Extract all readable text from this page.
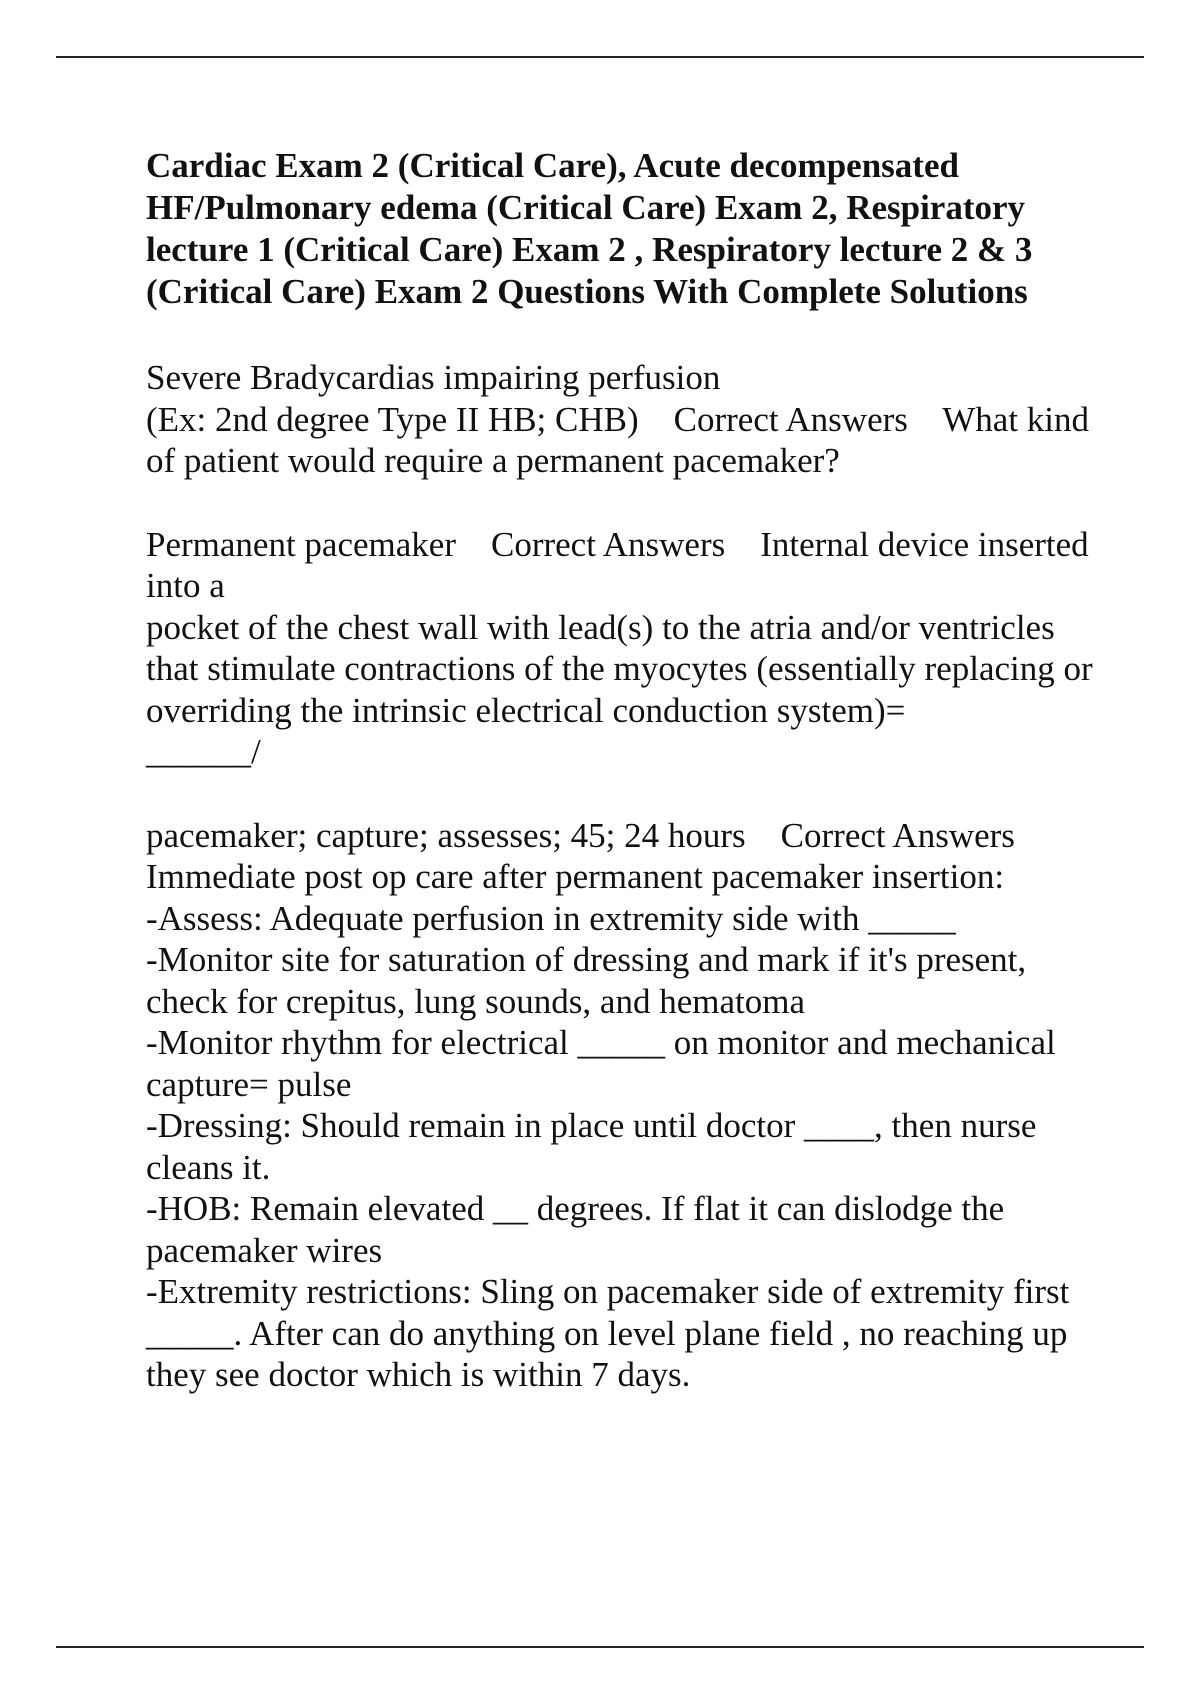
Cardiac Exam 2 (Critical Care), Acute decompensated HF/Pulmonary edema (Critical Care) Exam 2, Respiratory lecture 1 (Critical Care) Exam 2 , Respiratory lecture 2 & 3 (Critical Care) Exam 2 Questions With Complete Solutions
Severe Bradycardias impairing perfusion
(Ex: 2nd degree Type II HB; CHB)    Correct Answers    What kind of patient would require a permanent pacemaker?
Permanent pacemaker    Correct Answers    Internal device inserted into a
pocket of the chest wall with lead(s) to the atria and/or ventricles that stimulate contractions of the myocytes (essentially replacing or overriding the intrinsic electrical conduction system)=
______/
pacemaker; capture; assesses; 45; 24 hours    Correct Answers    Immediate post op care after permanent pacemaker insertion:
-Assess: Adequate perfusion in extremity side with _____
-Monitor site for saturation of dressing and mark if it's present, check for crepitus, lung sounds, and hematoma
-Monitor rhythm for electrical _____ on monitor and mechanical capture= pulse
-Dressing: Should remain in place until doctor ____, then nurse cleans it.
-HOB: Remain elevated __ degrees. If flat it can dislodge the pacemaker wires
-Extremity restrictions: Sling on pacemaker side of extremity first _____. After can do anything on level plane field , no reaching up they see doctor which is within 7 days.
